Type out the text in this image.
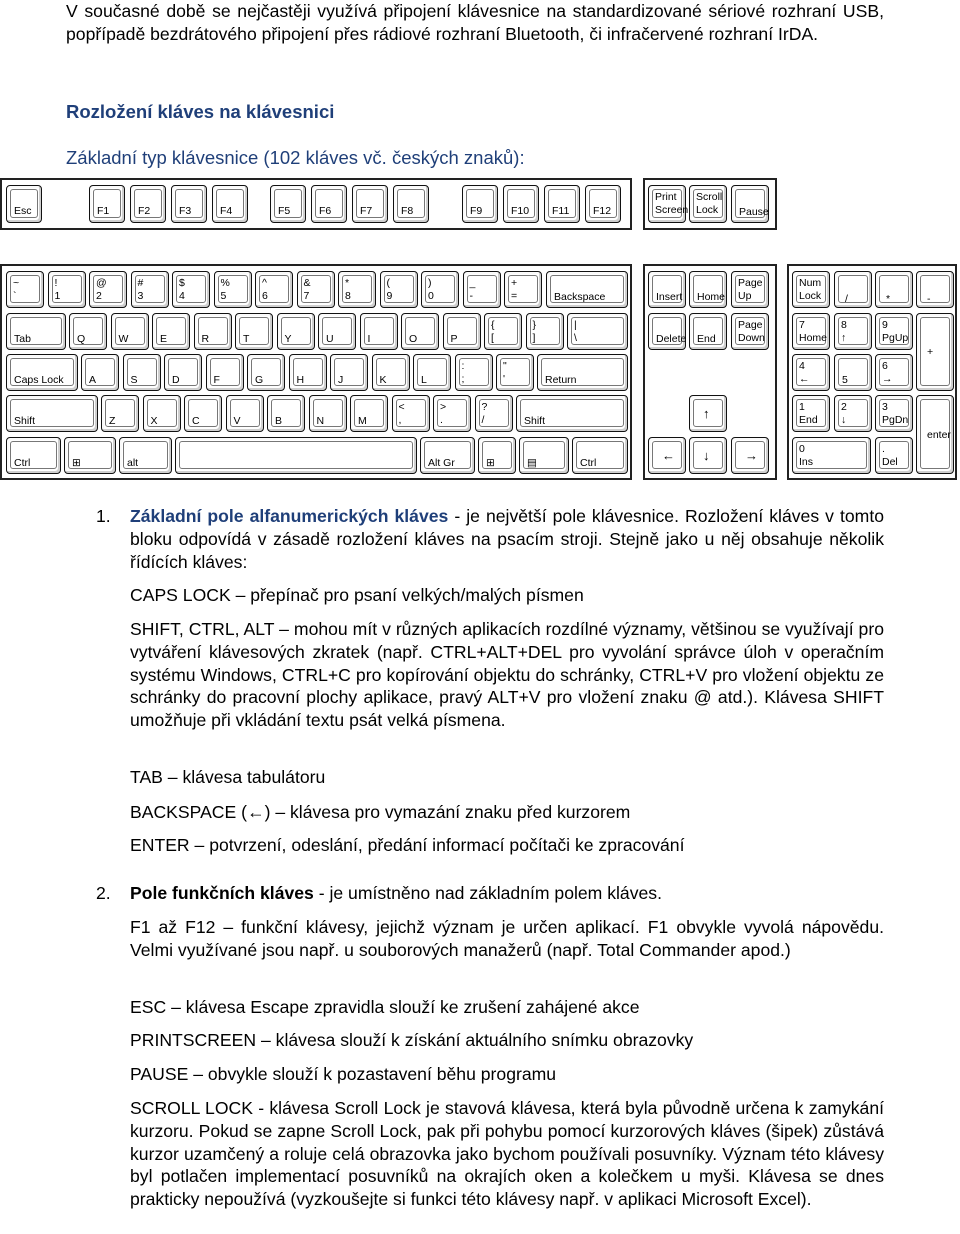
V současné době se nejčastěji využívá připojení klávesnice na standardizované sériové rozhraní USB, popřípadě bezdrátového připojení přes rádiové rozhraní Bluetooth, či infračervené rozhraní IrDA.

Rozložení kláves na klávesnici

Základní typ klávesnice (102 kláves vč. českých znaků):

Esc	F1	F2	F3	F4	F5	F6	F7	F8	F9	F10 F11 F12
Print
Screen
Scroll
Lock Pause
~
`
!
1
@
2
#
3
$
4
%
5
^
6
&
7
*
8
(
9
)
0
_
-
+
=	Backspace
Tab	Q	W	E	R	T	Y	U	I	O	P
{
[
}
]
|
\
Caps Lock A	S	D	F	G	H	J	K	L
:
;
"
'	Return
Shift	Z	X	C	V	B	N	M
<
,
>
.
?
/	Shift
Ctrl	⊞	alt	Alt Gr	⊞	▤	Ctrl
Insert Home
Page
Up
Delete End
Page
Down
↑
← ↓	→
Num
Lock /	*	-
7
Home
8
↑
9
PgUp
+
4
←	5
6
→
1
End
2
↓
3
PgDn
enter
0
Ins
.
Del

1. Základní pole alfanumerických kláves - je největší pole klávesnice. Rozložení kláves v tomto bloku odpovídá v zásadě rozložení kláves na psacím stroji. Stejně jako u něj obsahuje několik řídících kláves:

CAPS LOCK – přepínač pro psaní velkých/malých písmen

SHIFT, CTRL, ALT – mohou mít v různých aplikacích rozdílné významy, většinou se využívají pro vytváření klávesových zkratek (např. CTRL+ALT+DEL pro vyvolání správce úloh v operačním systému Windows, CTRL+C pro kopírování objektu do schránky, CTRL+V pro vložení objektu ze schránky do pracovní plochy aplikace, pravý ALT+V pro vložení znaku @ atd.). Klávesa SHIFT umožňuje při vkládání textu psát velká písmena.

TAB – klávesa tabulátoru

BACKSPACE (←) – klávesa pro vymazání znaku před kurzorem

ENTER – potvrzení, odeslání, předání informací počítači ke zpracování

2. Pole funkčních kláves - je umístněno nad základním polem kláves.

F1 až F12 – funkční klávesy, jejichž význam je určen aplikací. F1 obvykle vyvolá nápovědu. Velmi využívané jsou např. u souborových manažerů (např. Total Commander apod.)

ESC – klávesa Escape zpravidla slouží ke zrušení zahájené akce

PRINTSCREEN – klávesa slouží k získání aktuálního snímku obrazovky

PAUSE – obvykle slouží k pozastavení běhu programu

SCROLL LOCK - klávesa Scroll Lock je stavová klávesa, která byla původně určena k zamykání kurzoru. Pokud se zapne Scroll Lock, pak při pohybu pomocí kurzorových kláves (šipek) zůstává kurzor uzamčený a roluje celá obrazovka jako bychom používali posuvníky. Význam této klávesy byl potlačen implementací posuvníků na okrajích oken a kolečkem u myši. Klávesa se dnes prakticky nepoužívá (vyzkoušejte si funkci této klávesy např. v aplikaci Microsoft Excel).
